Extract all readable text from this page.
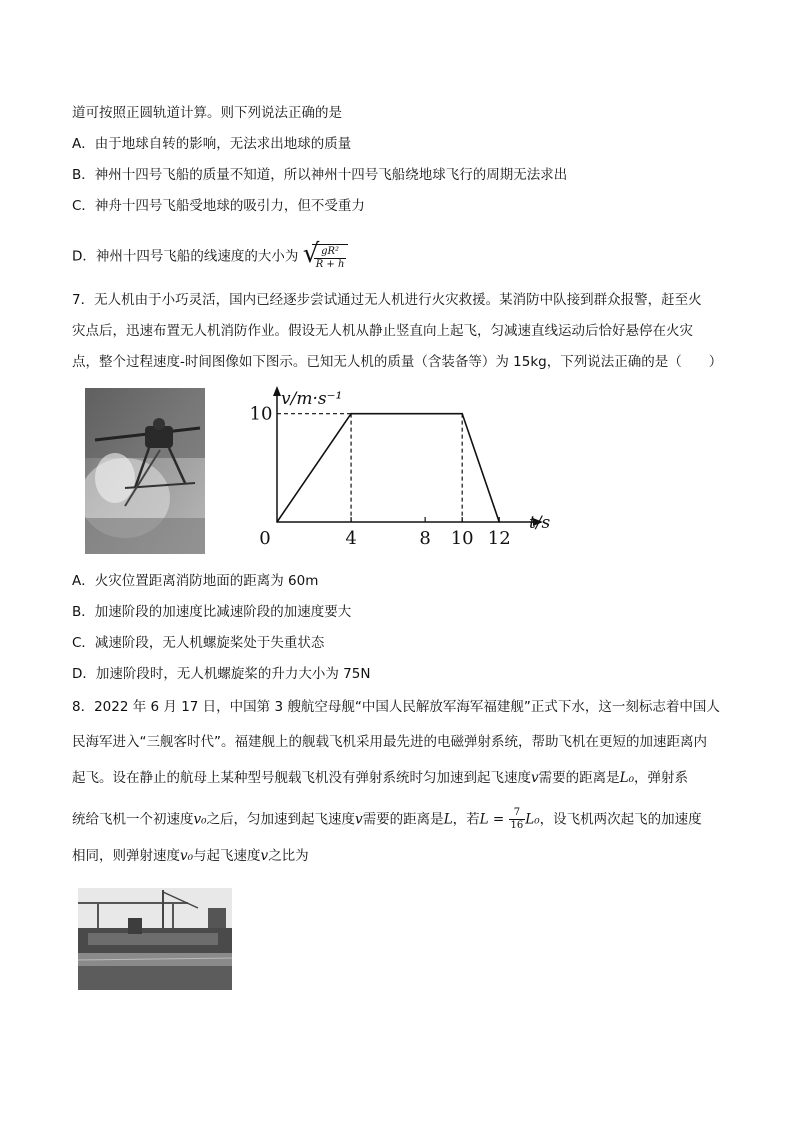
道可按照正圆轨道计算。则下列说法正确的是
A．由于地球自转的影响，无法求出地球的质量
B．神州十四号飞船的质量不知道，所以神州十四号飞船绕地球飞行的周期无法求出
C．神舟十四号飞船受地球的吸引力，但不受重力
D．神州十四号飞船的线速度的大小为 √
$\frac{\text{gR²}}{R + h}$
7．无人机由于小巧灵活，国内已经逐步尝试通过无人机进行火灾救援。某消防中队接到群众报警，赶至火
灾点后，迅速布置无人机消防作业。假设无人机从静止竖直向上起飞，匀减速直线运动后恰好悬停在火灾
点，整个过程速度-时间图像如下图示。已知无人机的质量（含装备等）为 15kg，下列说法正确的是（　　）
0	4	8 10 12
10
v/m·s⁻¹
t/s
A．火灾位置距离消防地面的距离为 60m
B．加速阶段的加速度比减速阶段的加速度要大
C．减速阶段，无人机螺旋桨处于失重状态
D．加速阶段时，无人机螺旋桨的升力大小为 75N
8．2022 年 6 月 17 日，中国第 3 艘航空母舰“中国人民解放军海军福建舰”正式下水，这一刻标志着中国人
民海军进入“三舰客时代”。福建舰上的舰载飞机采用最先进的电磁弹射系统，帮助飞机在更短的加速距离内
起飞。设在静止的航母上某种型号舰载飞机没有弹射系统时匀加速到起飞速度v需要的距离是L₀，弹射系
统给飞机一个初速度v₀之后，匀加速到起飞速度v需要的距离是L，若$L = \frac{7}{16} L_0$，设飞机两次起飞的加速度
相同，则弹射速度v₀与起飞速度v之比为
